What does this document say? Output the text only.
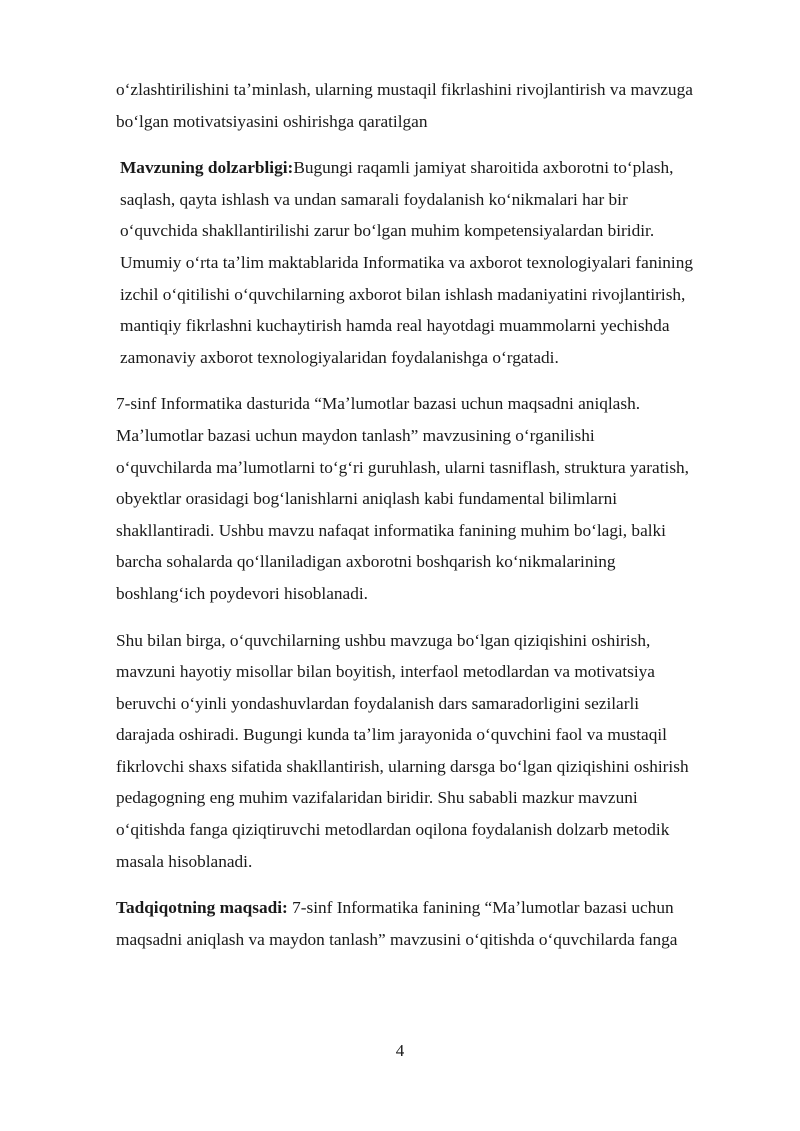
oʻzlashtirilishini taʼminlash, ularning mustaqil fikrlashini rivojlantirish va mavzuga
boʻlgan motivatsiyasini oshirishga qaratilgan

Mavzuning dolzarbligi:Bugungi raqamli jamiyat sharoitida axborotni toʻplash,
saqlash, qayta ishlash va undan samarali foydalanish koʻnikmalari har bir
oʻquvchida shakllantirilishi zarur boʻlgan muhim kompetensiyalardan biridir.
Umumiy oʻrta taʼlim maktablarida Informatika va axborot texnologiyalari fanining
izchil oʻqitilishi oʻquvchilarning axborot bilan ishlash madaniyatini rivojlantirish,
mantiqiy fikrlashni kuchaytirish hamda real hayotdagi muammolarni yechishda
zamonaviy axborot texnologiyalaridan foydalanishga oʻrgatadi.

7-sinf Informatika dasturida “Maʼlumotlar bazasi uchun maqsadni aniqlash.
Maʼlumotlar bazasi uchun maydon tanlash” mavzusining oʻrganilishi
oʻquvchilarda maʼlumotlarni toʻgʻri guruhlash, ularni tasniflash, struktura yaratish,
obyektlar orasidagi bogʻlanishlarni aniqlash kabi fundamental bilimlarni
shakllantiradi. Ushbu mavzu nafaqat informatika fanining muhim boʻlagi, balki
barcha sohalarda qoʻllaniladigan axborotni boshqarish koʻnikmalarining
boshlangʻich poydevori hisoblanadi.

Shu bilan birga, oʻquvchilarning ushbu mavzuga boʻlgan qiziqishini oshirish,
mavzuni hayotiy misollar bilan boyitish, interfaol metodlardan va motivatsiya
beruvchi oʻyinli yondashuvlardan foydalanish dars samaradorligini sezilarli
darajada oshiradi. Bugungi kunda taʼlim jarayonida oʻquvchini faol va mustaqil
fikrlovchi shaxs sifatida shakllantirish, ularning darsga boʻlgan qiziqishini oshirish
pedagogning eng muhim vazifalaridan biridir. Shu sababli mazkur mavzuni
oʻqitishda fanga qiziqtiruvchi metodlardan oqilona foydalanish dolzarb metodik
masala hisoblanadi.

Tadqiqotning maqsadi: 7-sinf Informatika fanining “Maʼlumotlar bazasi uchun
maqsadni aniqlash va maydon tanlash” mavzusini oʻqitishda oʻquvchilarda fanga

4
